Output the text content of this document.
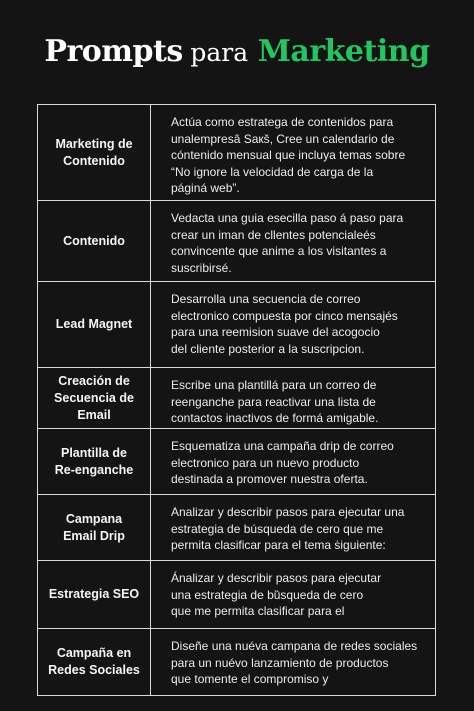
Prompts para Marketing
Marketing de
Contenido
Actúa como estratega de contenidos para
unalempresâ Saкš, Cree un calendario de
cóntenido mensual que incluya temas sobre
“No ignore la velocidad de carga de la
páginá web”.
Contenido
Vedacta una guia esecilla paso á paso para
crear un iman de cllentes potencialeés
convincente que anime a los visitantes a
suscribirsé.
Lead Magnet
Desarrolla una secuencia de correo
electronico compuesta por cinco mensajés
para una reemision suave del acogocio
del cliente posterior a la suscripcion.
Creación de
Secuencia de
Email
Escribe una plantillá para un correo de
reenganche para reactivar una lista de
contactos inactivos de formá amigable.
Plantilla de
Re-enganche
Esquematiza una campaña drip de correo
electronico para un nuevo producto
destinada a promover nuestra oferta.
Campana
Email Drip
Analizar y describir pasos para ejecutar una
estrategia de búsqueda de cero que me
permita clasificar para el tema ṡiguiente:
Estrategia SEO
Ánalizar y describir pasos para ejecutar
una estrategia de bȕsqueda de cero
que me permita clasificar para el
Campaña en
Redes Sociales
Diseñe una nuéva campana de redes sociales
para un nuévo lanzamiento de productos
que tomente el compromiso y
